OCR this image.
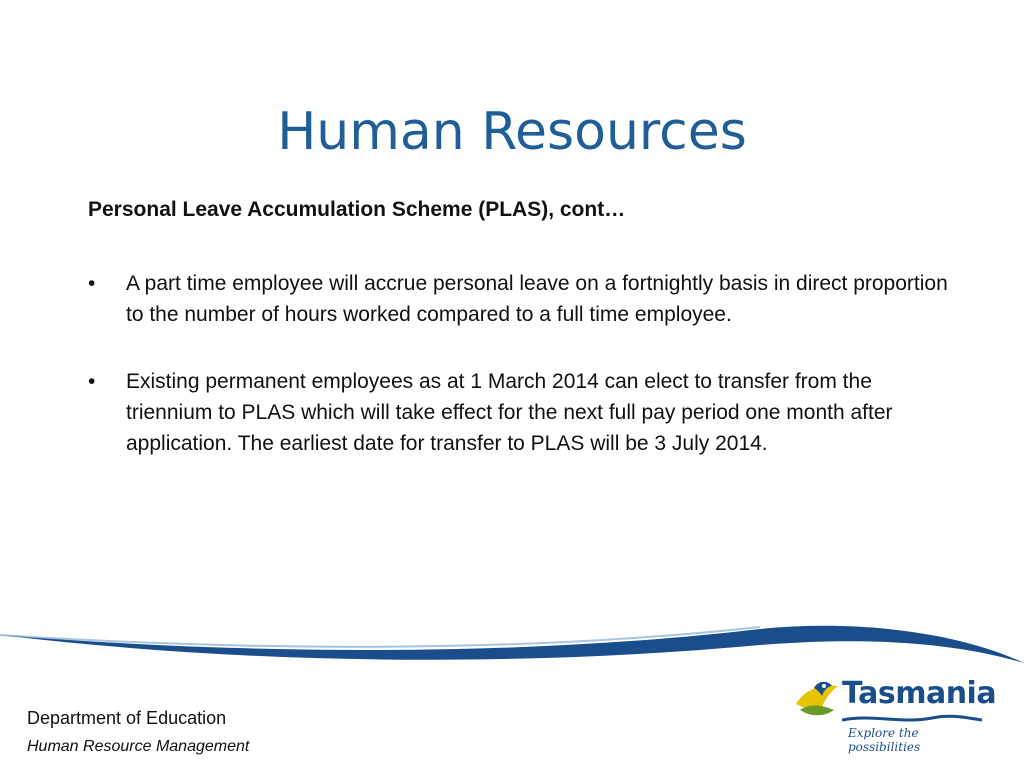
Human Resources

Personal Leave Accumulation Scheme (PLAS), cont…

• A part time employee will accrue personal leave on a fortnightly basis in direct proportion to the number of hours worked compared to a full time employee.
• Existing permanent employees as at 1 March 2014 can elect to transfer from the triennium to PLAS which will take effect for the next full pay period one month after application. The earliest date for transfer to PLAS will be 3 July 2014.
Department of Education
Human Resource Management
Tasmania
Explore the possibilities
